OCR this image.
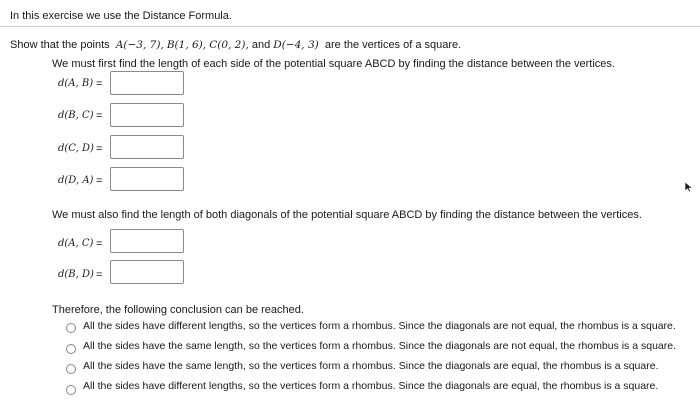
In this exercise we use the Distance Formula.
Show that the points A(−3, 7), B(1, 6), C(0, 2), and D(−4, 3) are the vertices of a square.
We must first find the length of each side of the potential square ABCD by finding the distance between the vertices.
d(A, B) =
d(B, C) =
d(C, D) =
d(D, A) =
We must also find the length of both diagonals of the potential square ABCD by finding the distance between the vertices.
d(A, C) =
d(B, D) =
Therefore, the following conclusion can be reached.
All the sides have different lengths, so the vertices form a rhombus. Since the diagonals are not equal, the rhombus is a square.
All the sides have the same length, so the vertices form a rhombus. Since the diagonals are not equal, the rhombus is a square.
All the sides have the same length, so the vertices form a rhombus. Since the diagonals are equal, the rhombus is a square.
All the sides have different lengths, so the vertices form a rhombus. Since the diagonals are equal, the rhombus is a square.
